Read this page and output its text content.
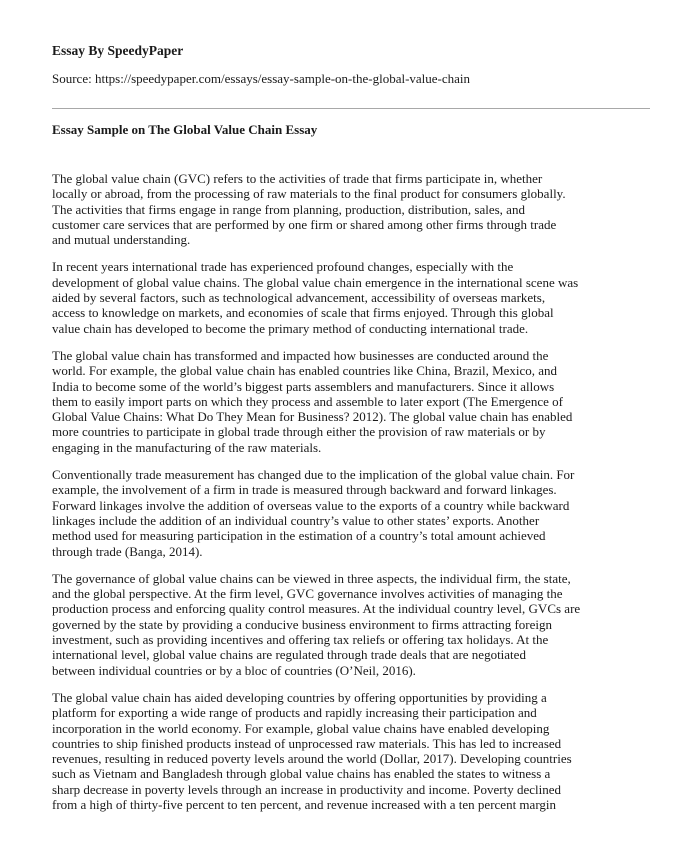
Essay By SpeedyPaper
Source: https://speedypaper.com/essays/essay-sample-on-the-global-value-chain
Essay Sample on The Global Value Chain Essay

The global value chain (GVC) refers to the activities of trade that firms participate in, whether
locally or abroad, from the processing of raw materials to the final product for consumers globally.
The activities that firms engage in range from planning, production, distribution, sales, and
customer care services that are performed by one firm or shared among other firms through trade
and mutual understanding.

In recent years international trade has experienced profound changes, especially with the
development of global value chains. The global value chain emergence in the international scene was
aided by several factors, such as technological advancement, accessibility of overseas markets,
access to knowledge on markets, and economies of scale that firms enjoyed. Through this global
value chain has developed to become the primary method of conducting international trade.

The global value chain has transformed and impacted how businesses are conducted around the
world. For example, the global value chain has enabled countries like China, Brazil, Mexico, and
India to become some of the world’s biggest parts assemblers and manufacturers. Since it allows
them to easily import parts on which they process and assemble to later export (The Emergence of
Global Value Chains: What Do They Mean for Business? 2012). The global value chain has enabled
more countries to participate in global trade through either the provision of raw materials or by
engaging in the manufacturing of the raw materials.

Conventionally trade measurement has changed due to the implication of the global value chain. For
example, the involvement of a firm in trade is measured through backward and forward linkages.
Forward linkages involve the addition of overseas value to the exports of a country while backward
linkages include the addition of an individual country’s value to other states’ exports. Another
method used for measuring participation in the estimation of a country’s total amount achieved
through trade (Banga, 2014).

The governance of global value chains can be viewed in three aspects, the individual firm, the state,
and the global perspective. At the firm level, GVC governance involves activities of managing the
production process and enforcing quality control measures. At the individual country level, GVCs are
governed by the state by providing a conducive business environment to firms attracting foreign
investment, such as providing incentives and offering tax reliefs or offering tax holidays. At the
international level, global value chains are regulated through trade deals that are negotiated
between individual countries or by a bloc of countries (O’Neil, 2016).

The global value chain has aided developing countries by offering opportunities by providing a
platform for exporting a wide range of products and rapidly increasing their participation and
incorporation in the world economy. For example, global value chains have enabled developing
countries to ship finished products instead of unprocessed raw materials. This has led to increased
revenues, resulting in reduced poverty levels around the world (Dollar, 2017). Developing countries
such as Vietnam and Bangladesh through global value chains has enabled the states to witness a
sharp decrease in poverty levels through an increase in productivity and income. Poverty declined
from a high of thirty-five percent to ten percent, and revenue increased with a ten percent margin
